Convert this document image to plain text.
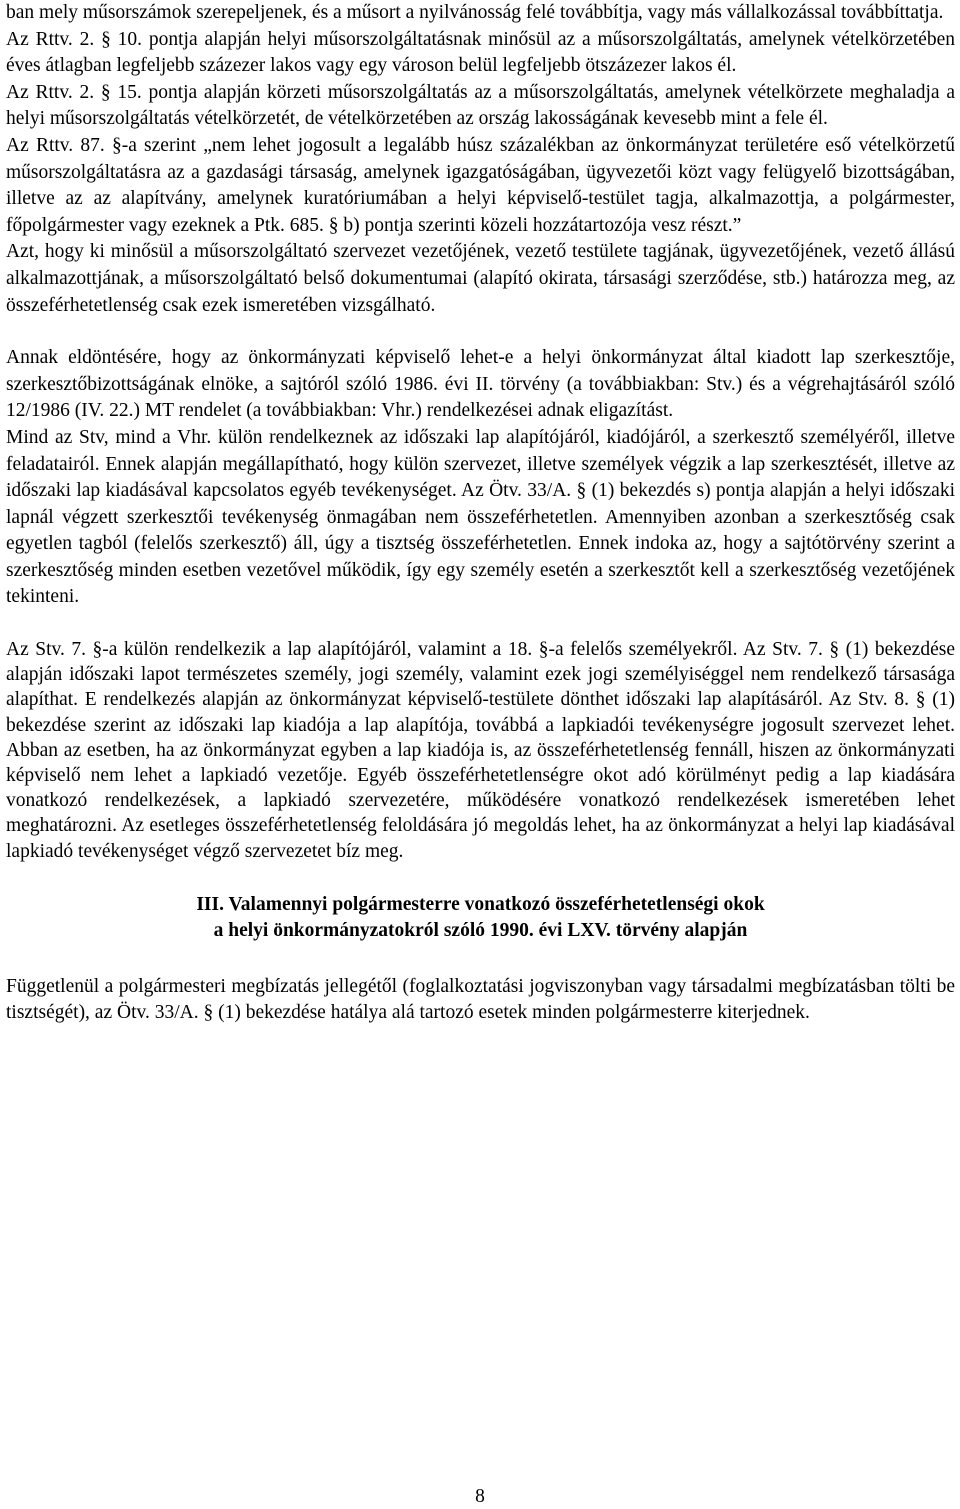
ban mely műsorszámok szerepeljenek, és a műsort a nyilvánosság felé továbbítja, vagy más vállalkozással továbbíttatja.

Az Rttv. 2. § 10. pontja alapján helyi műsorszolgáltatásnak minősül az a műsorszolgáltatás, amelynek vételkörzetében éves átlagban legfeljebb százezer lakos vagy egy városon belül legfeljebb ötszázezer lakos él.

Az Rttv. 2. § 15. pontja alapján körzeti műsorszolgáltatás az a műsorszolgáltatás, amelynek vételkörzete meghaladja a helyi műsorszolgáltatás vételkörzetét, de vételkörzetében az ország lakosságának kevesebb mint a fele él.

Az Rttv. 87. §-a szerint „nem lehet jogosult a legalább húsz százalékban az önkormányzat területére eső vételkörzetű műsorszolgáltatásra az a gazdasági társaság, amelynek igazgatóságában, ügyvezetői közt vagy felügyelő bizottságában, illetve az az alapítvány, amelynek kuratóriumában a helyi képviselő-testület tagja, alkalmazottja, a polgármester, főpolgármester vagy ezeknek a Ptk. 685. § b) pontja szerinti közeli hozzátartozója vesz részt.”

Azt, hogy ki minősül a műsorszolgáltató szervezet vezetőjének, vezető testülete tagjának, ügyvezetőjének, vezető állású alkalmazottjának, a műsorszolgáltató belső dokumentumai (alapító okirata, társasági szerződése, stb.) határozza meg, az összeférhetetlenség csak ezek ismeretében vizsgálható.

Annak eldöntésére, hogy az önkormányzati képviselő lehet-e a helyi önkormányzat által kiadott lap szerkesztője, szerkesztőbizottságának elnöke, a sajtóról szóló 1986. évi II. törvény (a továbbiakban: Stv.) és a végrehajtásáról szóló 12/1986 (IV. 22.) MT rendelet (a továbbiakban: Vhr.) rendelkezései adnak eligazítást.

Mind az Stv, mind a Vhr. külön rendelkeznek az időszaki lap alapítójáról, kiadójáról, a szerkesztő személyéről, illetve feladatairól. Ennek alapján megállapítható, hogy külön szervezet, illetve személyek végzik a lap szerkesztését, illetve az időszaki lap kiadásával kapcsolatos egyéb tevékenységet. Az Ötv. 33/A. § (1) bekezdés s) pontja alapján a helyi időszaki lapnál végzett szerkesztői tevékenység önmagában nem összeférhetetlen. Amennyiben azonban a szerkesztőség csak egyetlen tagból (felelős szerkesztő) áll, úgy a tisztség összeférhetetlen. Ennek indoka az, hogy a sajtótörvény szerint a szerkesztőség minden esetben vezetővel működik, így egy személy esetén a szerkesztőt kell a szerkesztőség vezetőjének tekinteni.

Az Stv. 7. §-a külön rendelkezik a lap alapítójáról, valamint a 18. §-a felelős személyekről. Az Stv. 7. § (1) bekezdése alapján időszaki lapot természetes személy, jogi személy, valamint ezek jogi személyiséggel nem rendelkező társasága alapíthat. E rendelkezés alapján az önkormányzat képviselő-testülete dönthet időszaki lap alapításáról. Az Stv. 8. § (1) bekezdése szerint az időszaki lap kiadója a lap alapítója, továbbá a lapkiadói tevékenységre jogosult szervezet lehet. Abban az esetben, ha az önkormányzat egyben a lap kiadója is, az összeférhetetlenség fennáll, hiszen az önkormányzati képviselő nem lehet a lapkiadó vezetője. Egyéb összeférhetetlenségre okot adó körülményt pedig a lap kiadására vonatkozó rendelkezések, a lapkiadó szervezetére, működésére vonatkozó rendelkezések ismeretében lehet meghatározni. Az esetleges összeférhetetlenség feloldására jó megoldás lehet, ha az önkormányzat a helyi lap kiadásával lapkiadó tevékenységet végző szervezetet bíz meg.

III. Valamennyi polgármesterre vonatkozó összeférhetetlenségi okok
a helyi önkormányzatokról szóló 1990. évi LXV. törvény alapján

Függetlenül a polgármesteri megbízatás jellegétől (foglalkoztatási jogviszonyban vagy társadalmi megbízatásban tölti be tisztségét), az Ötv. 33/A. § (1) bekezdése hatálya alá tartozó esetek minden polgármesterre kiterjednek.

8
